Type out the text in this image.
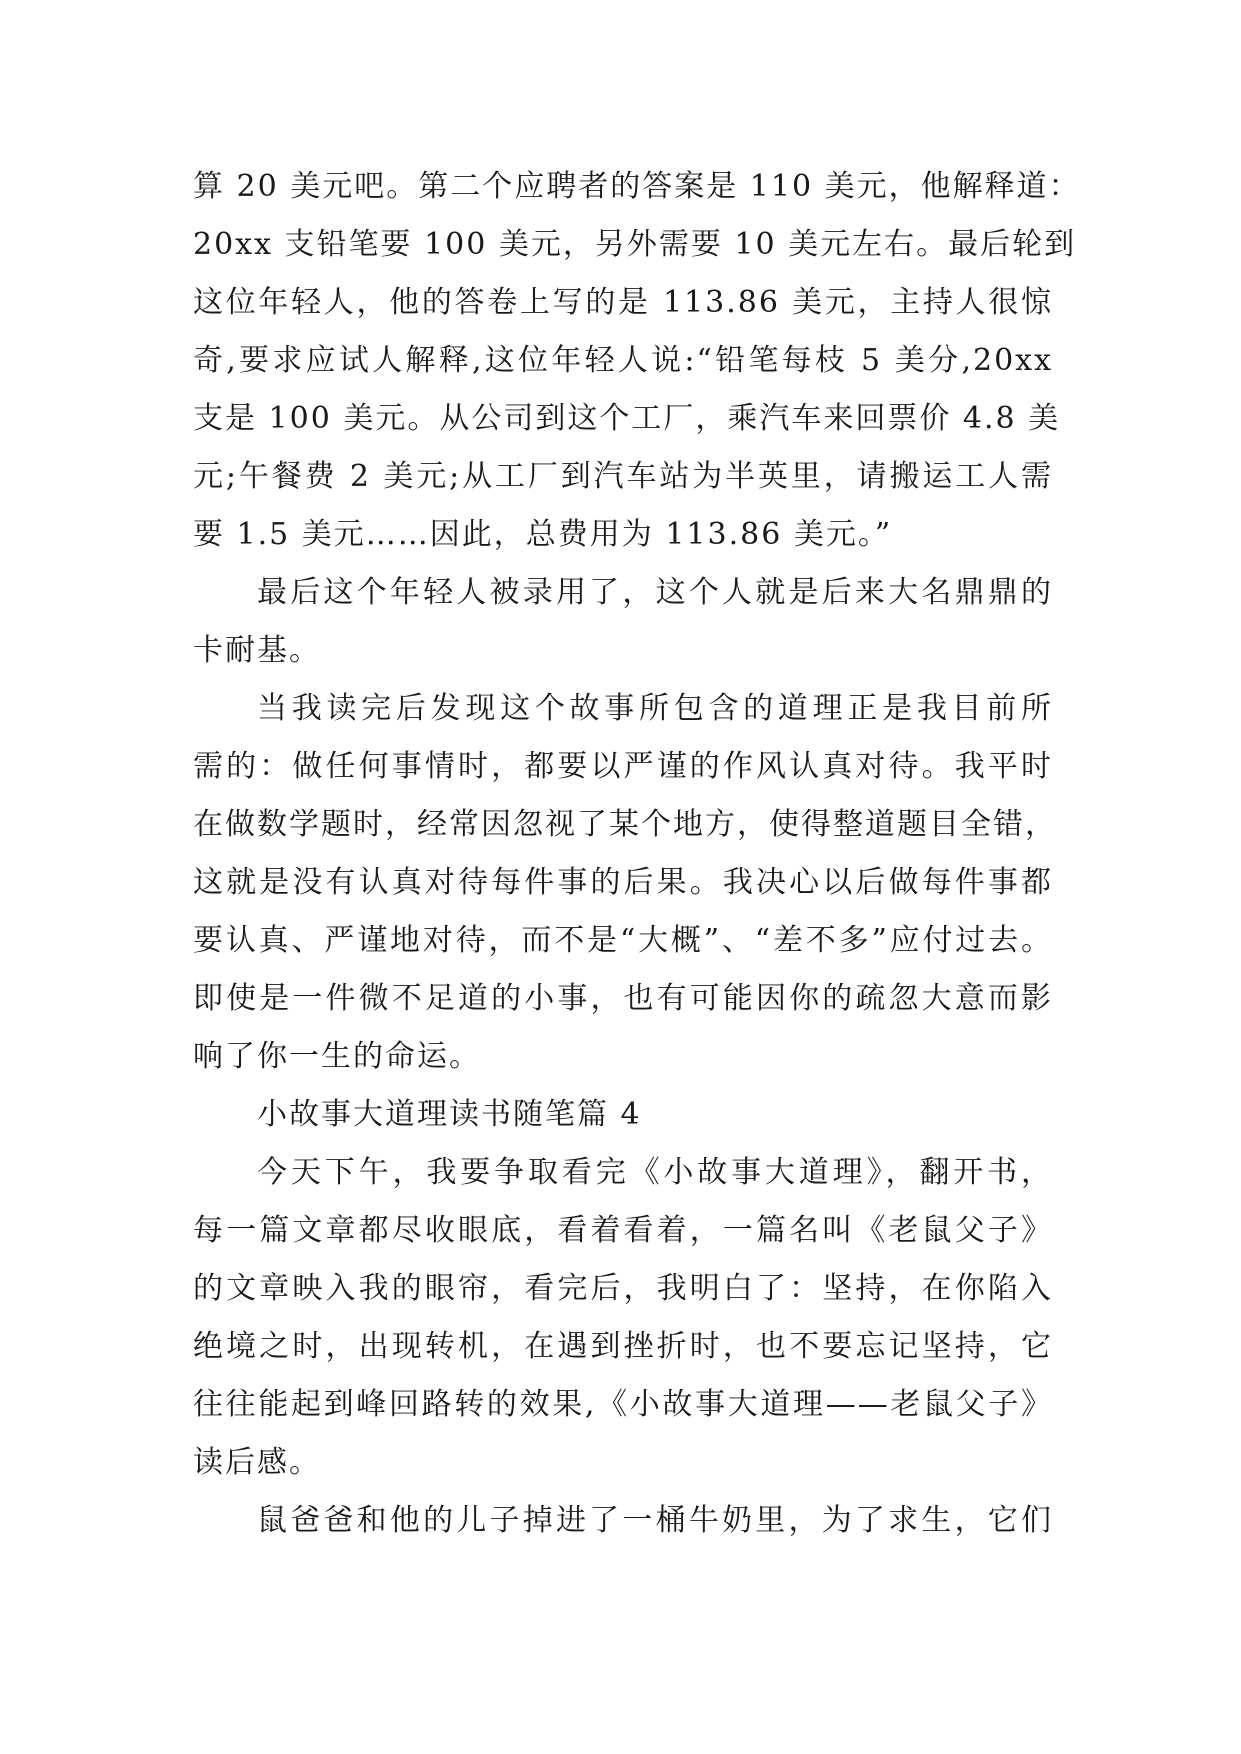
算 20 美元吧。第二个应聘者的答案是 110 美元，他解释道：
20xx 支铅笔要 100 美元，另外需要 10 美元左右。最后轮到
这位年轻人，他的答卷上写的是 113.86 美元，主持人很惊
奇,要求应试人解释,这位年轻人说:“铅笔每枝 5 美分,20xx
支是 100 美元。从公司到这个工厂，乘汽车来回票价 4.8 美
元;午餐费 2 美元;从工厂到汽车站为半英里，请搬运工人需
要 1.5 美元……因此，总费用为 113.86 美元。”
最后这个年轻人被录用了，这个人就是后来大名鼎鼎的
卡耐基。
当我读完后发现这个故事所包含的道理正是我目前所
需的：做任何事情时，都要以严谨的作风认真对待。我平时
在做数学题时，经常因忽视了某个地方，使得整道题目全错，
这就是没有认真对待每件事的后果。我决心以后做每件事都
要认真、严谨地对待，而不是“大概”、“差不多”应付过去。
即使是一件微不足道的小事，也有可能因你的疏忽大意而影
响了你一生的命运。
小故事大道理读书随笔篇 4
今天下午，我要争取看完《小故事大道理》，翻开书，
每一篇文章都尽收眼底，看着看着，一篇名叫《老鼠父子》
的文章映入我的眼帘，看完后，我明白了：坚持，在你陷入
绝境之时，出现转机，在遇到挫折时，也不要忘记坚持，它
往往能起到峰回路转的效果,《小故事大道理——老鼠父子》
读后感。
鼠爸爸和他的儿子掉进了一桶牛奶里，为了求生，它们
